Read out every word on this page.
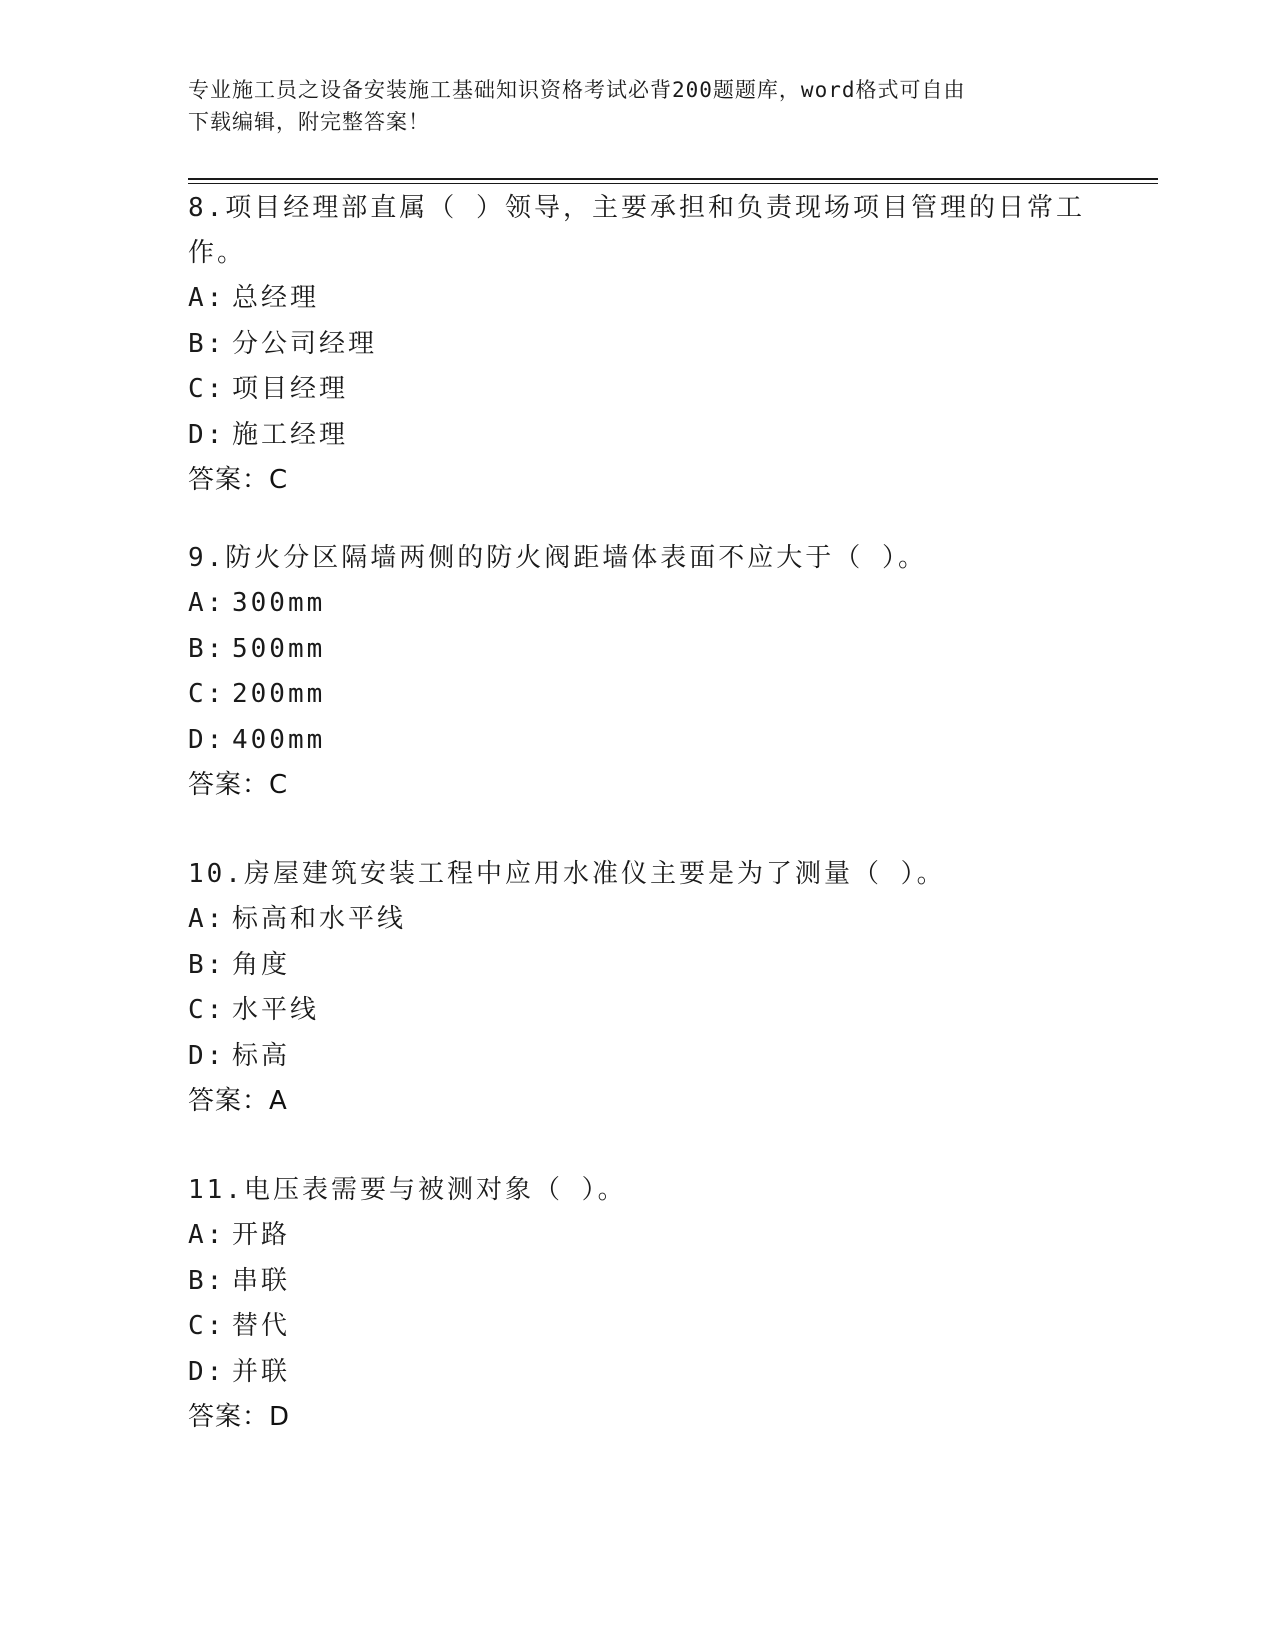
专业施工员之设备安装施工基础知识资格考试必背200题题库，word格式可自由
下载编辑，附完整答案！
8.项目经理部直属（ ）领导，主要承担和负责现场项目管理的日常工
作。
A: 总经理
B: 分公司经理
C: 项目经理
D: 施工经理
答案：C
9.防火分区隔墙两侧的防火阀距墙体表面不应大于（ ）。
A: 300mm
B: 500mm
C: 200mm
D: 400mm
答案：C
10.房屋建筑安装工程中应用水准仪主要是为了测量（ ）。
A: 标高和水平线
B: 角度
C: 水平线
D: 标高
答案：A
11.电压表需要与被测对象（ ）。
A: 开路
B: 串联
C: 替代
D: 并联
答案：D
